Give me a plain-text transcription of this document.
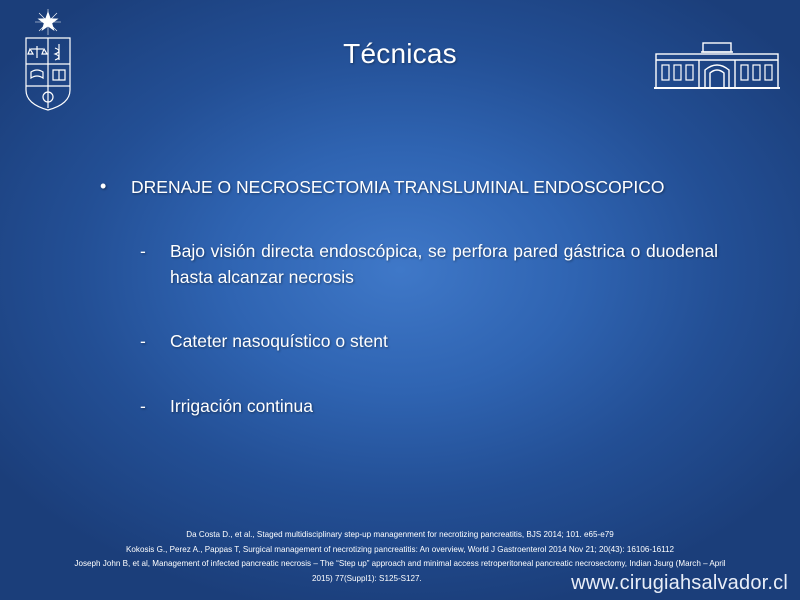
Técnicas
• DRENAJE O NECROSECTOMIA TRANSLUMINAL ENDOSCOPICO
- Bajo visión directa endoscópica, se perfora pared gástrica o duodenal hasta alcanzar necrosis
- Cateter nasoquístico o stent
- Irrigación continua
Da Costa D., et al., Staged multidisciplinary step-up managenment for necrotizing pancreatitis, BJS 2014; 101. e65-e79
Kokosis G., Perez A., Pappas T, Surgical management of necrotizing pancreatitis: An overview, World J Gastroenterol 2014 Nov 21; 20(43): 16106-16112
Joseph John B, et al, Management of infected pancreatic necrosis – The “Step up” approach and minimal access retroperitoneal pancreatic necrosectomy, Indian Jsurg (March – April
2015) 77(Suppl1): S125-S127.	www.cirugiahsalvador.cl
